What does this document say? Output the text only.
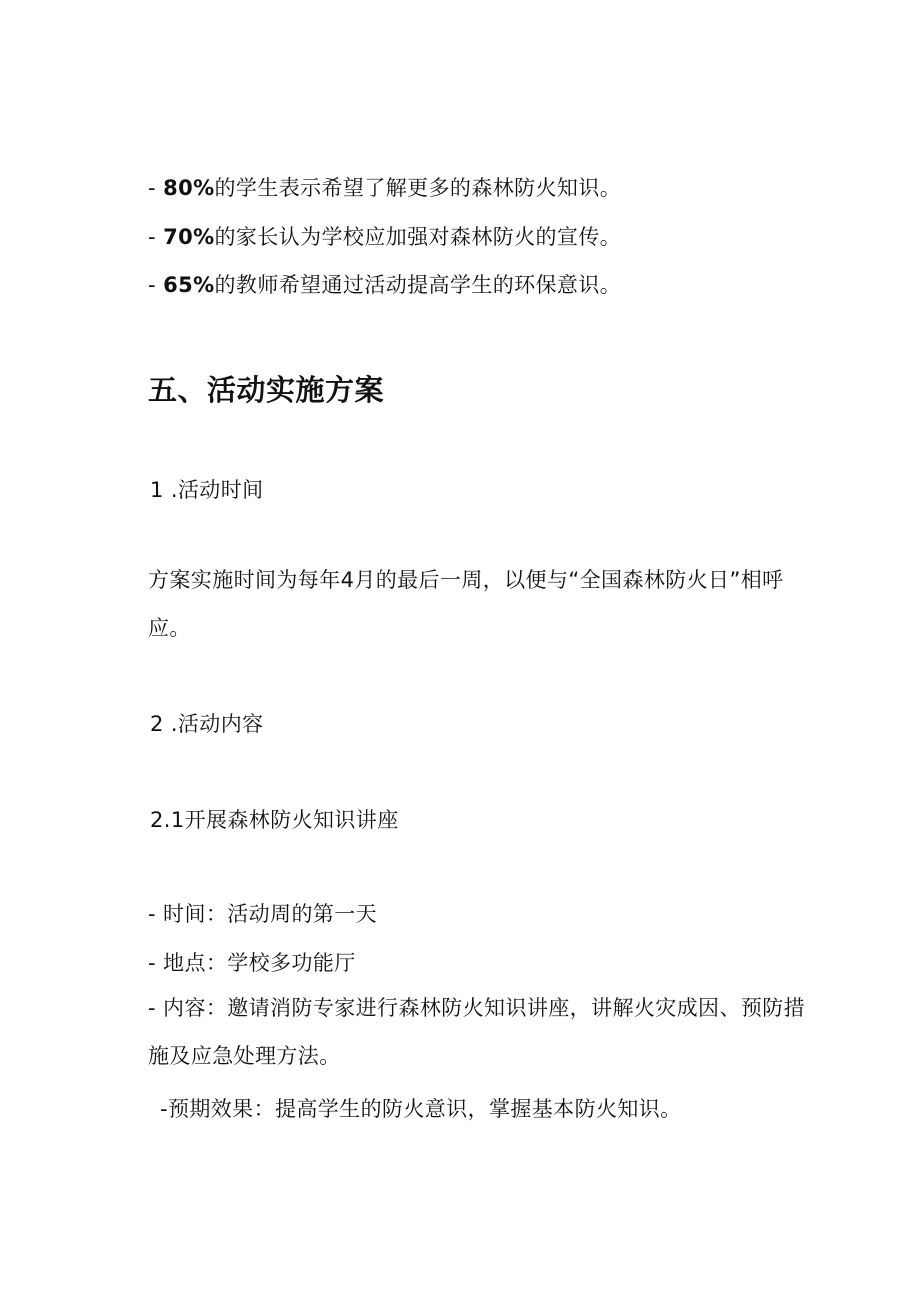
- 80%的学生表示希望了解更多的森林防火知识。
- 70%的家长认为学校应加强对森林防火的宣传。
- 65%的教师希望通过活动提高学生的环保意识。
五、活动实施方案
1 .活动时间
方案实施时间为每年4月的最后一周，以便与“全国森林防火日”相呼应。
2 .活动内容
2.1开展森林防火知识讲座
- 时间：活动周的第一天
- 地点：学校多功能厅
- 内容：邀请消防专家进行森林防火知识讲座，讲解火灾成因、预防措施及应急处理方法。
-预期效果：提高学生的防火意识，掌握基本防火知识。
